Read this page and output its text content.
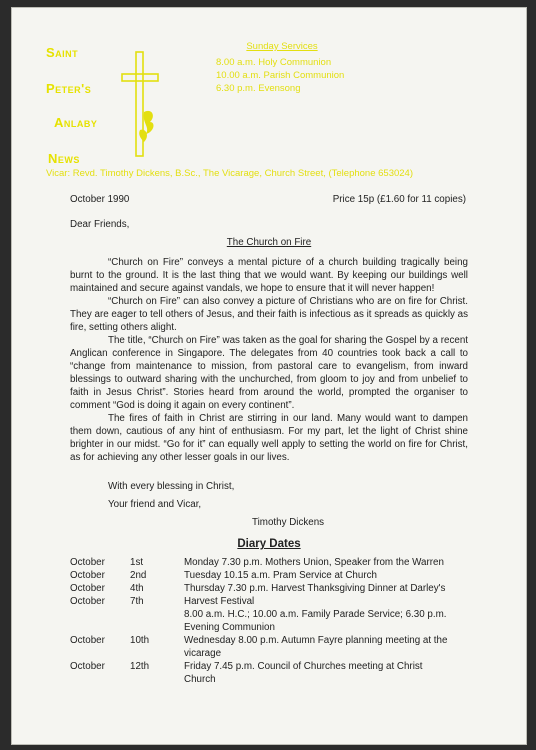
Saint
Peter's
Anlaby
News
Sunday Services
8.00 a.m. Holy Communion
10.00 a.m. Parish Communion
6.30 p.m. Evensong
Vicar: Revd. Timothy Dickens, B.Sc., The Vicarage, Church Street, (Telephone 653024)
October 1990	Price 15p (£1.60 for 11 copies)
Dear Friends,
The Church on Fire

“Church on Fire” conveys a mental picture of a church building tragically being burnt to the ground. It is the last thing that we would want. By keeping our buildings well maintained and secure against vandals, we hope to ensure that it will never happen!

“Church on Fire” can also convey a picture of Christians who are on fire for Christ. They are eager to tell others of Jesus, and their faith is infectious as it spreads as quickly as fire, setting others alight.

The title, “Church on Fire” was taken as the goal for sharing the Gospel by a recent Anglican conference in Singapore. The delegates from 40 countries took back a call to “change from maintenance to mission, from pastoral care to evangelism, from inward blessings to outward sharing with the unchurched, from gloom to joy and from unbelief to faith in Jesus Christ”. Stories heard from around the world, prompted the organiser to comment “God is doing it again on every continent”.

The fires of faith in Christ are stirring in our land. Many would want to dampen them down, cautious of any hint of enthusiasm. For my part, let the light of Christ shine brighter in our midst. “Go for it” can equally well apply to setting the world on fire for Christ, as for achieving any other lesser goals in our lives.

With every blessing in Christ,
Your friend and Vicar,
Timothy Dickens
Diary Dates
October	1st	Monday 7.30 p.m. Mothers Union, Speaker from the Warren
October	2nd	Tuesday 10.15 a.m. Pram Service at Church
October	4th	Thursday 7.30 p.m. Harvest Thanksgiving Dinner at Darley's
October	7th	Harvest Festival
8.00 a.m. H.C.; 10.00 a.m. Family Parade Service; 6.30 p.m.
Evening Communion
October	10th	Wednesday 8.00 p.m. Autumn Fayre planning meeting at the
vicarage
October	12th	Friday 7.45 p.m. Council of Churches meeting at Christ
Church
